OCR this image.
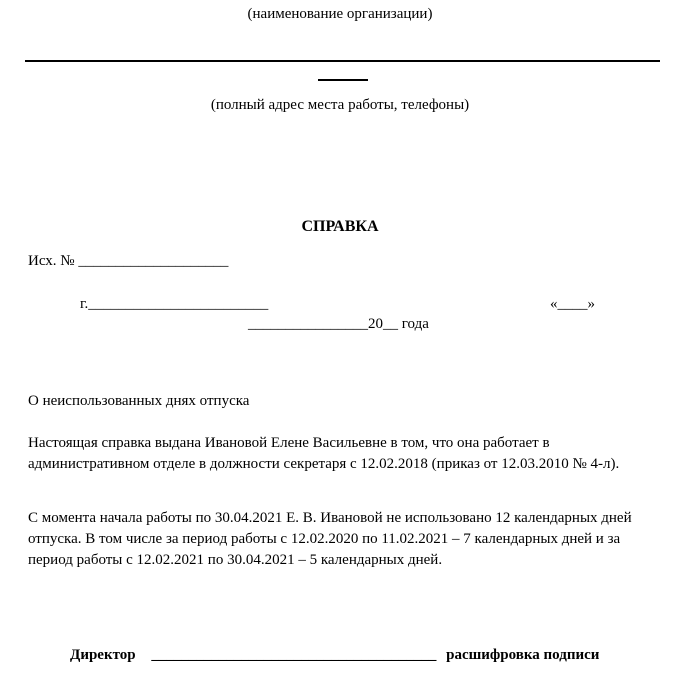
(наименование организации)
(полный адрес места работы, телефоны)
СПРАВКА
Исх. № ____________________
г.________________________	«____»
________________20__ года
О неиспользованных днях отпуска
Настоящая справка выдана Ивановой Елене Васильевне в том, что она работает в административном отделе в должности секретаря с 12.02.2018 (приказ от 12.03.2010 № 4-л).
С момента начала работы по 30.04.2021 Е. В. Ивановой не использовано 12 календарных дней отпуска. В том числе за период работы с 12.02.2020 по 11.02.2021 – 7 календарных дней и за период работы с 12.02.2021 по 30.04.2021 – 5 календарных дней.
Директор ______________________________________ расшифровка подписи
